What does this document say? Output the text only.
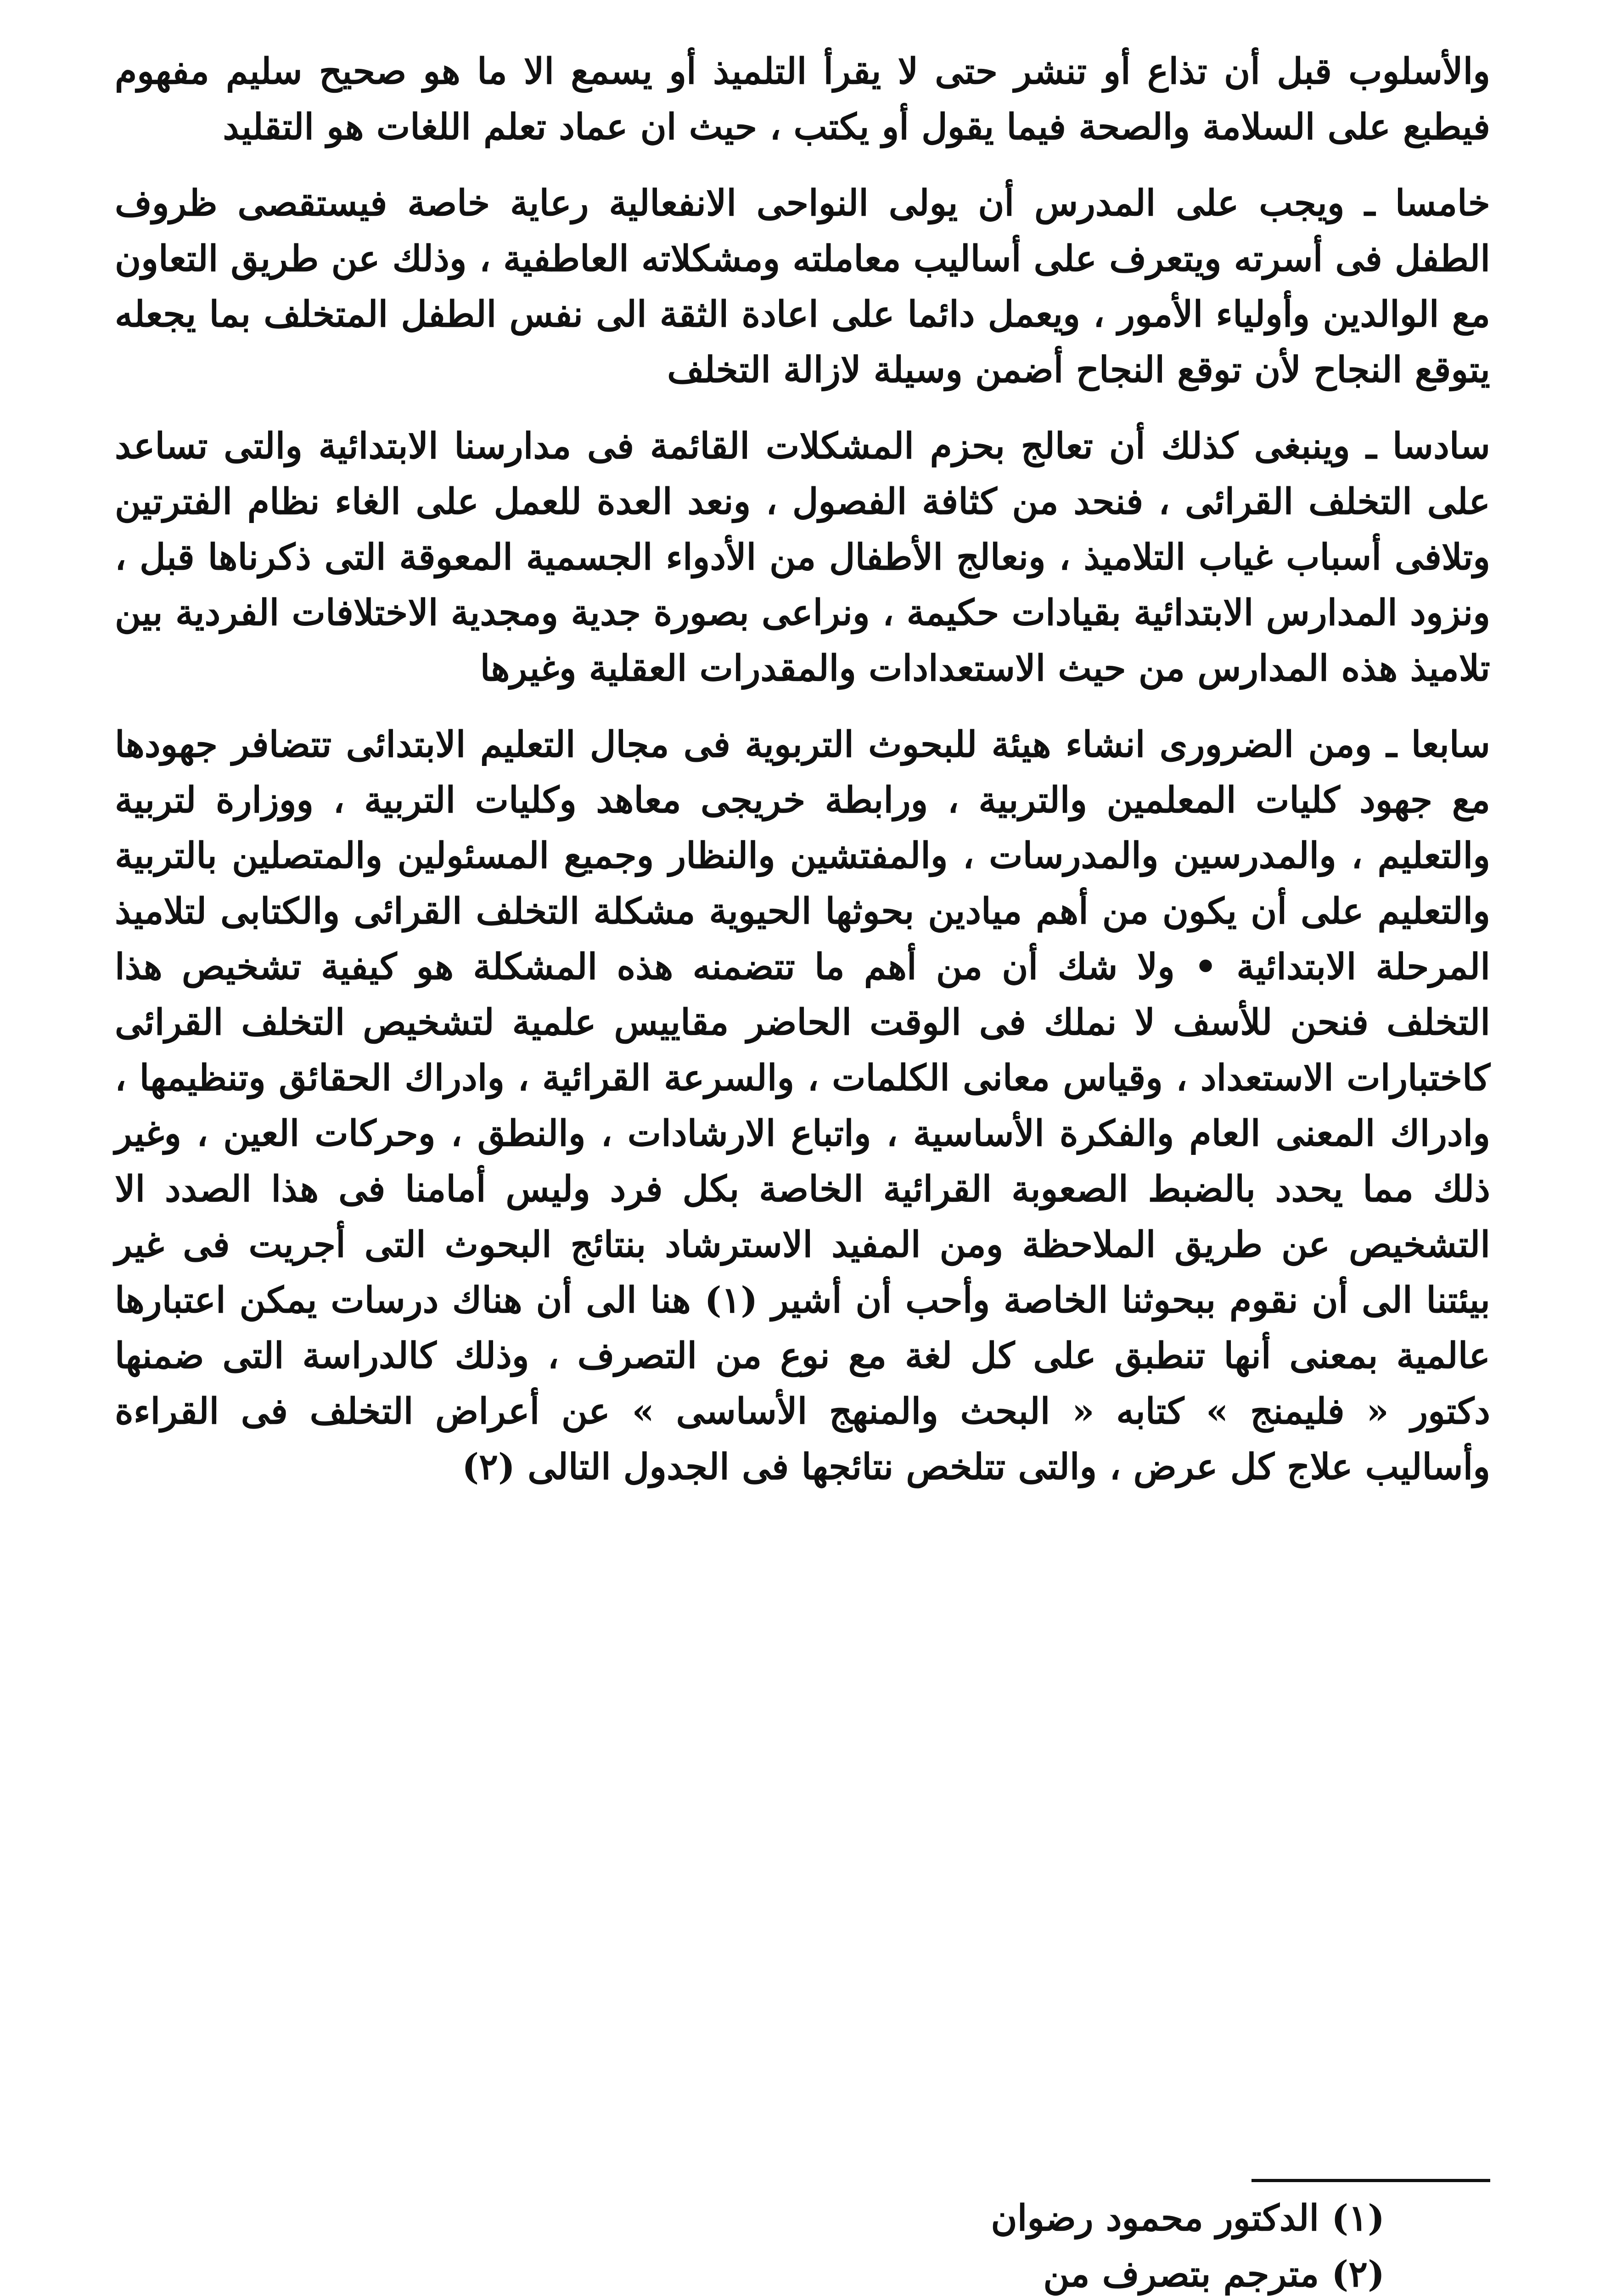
والأسلوب قبل أن تذاع أو تنشر حتى لا يقرأ التلميذ أو يسمع الا ما هو صحيح سليم مفهوم فيطبع على السلامة والصحة فيما يقول أو يكتب ، حيث ان عماد تعلم اللغات هو التقليد

خامسا ـ ويجب على المدرس أن يولى النواحى الانفعالية رعاية خاصة فيستقصى ظروف الطفل فى أسرته ويتعرف على أساليب معاملته ومشكلاته العاطفية ، وذلك عن طريق التعاون مع الوالدين وأولياء الأمور ، ويعمل دائما على اعادة الثقة الى نفس الطفل المتخلف بما يجعله يتوقع النجاح لأن توقع النجاح أضمن وسيلة لازالة التخلف

سادسا ـ وينبغى كذلك أن تعالج بحزم المشكلات القائمة فى مدارسنا الابتدائية والتى تساعد على التخلف القرائى ، فنحد من كثافة الفصول ، ونعد العدة للعمل على الغاء نظام الفترتين وتلافى أسباب غياب التلاميذ ، ونعالج الأطفال من الأدواء الجسمية المعوقة التى ذكرناها قبل ، ونزود المدارس الابتدائية بقيادات حكيمة ، ونراعى بصورة جدية ومجدية الاختلافات الفردية بين تلاميذ هذه المدارس من حيث الاستعدادات والمقدرات العقلية وغيرها

سابعا ـ ومن الضرورى انشاء هيئة للبحوث التربوية فى مجال التعليم الابتدائى تتضافر جهودها مع جهود كليات المعلمين والتربية ، ورابطة خريجى معاهد وكليات التربية ، ووزارة لتربية والتعليم ، والمدرسين والمدرسات ، والمفتشين والنظار وجميع المسئولين والمتصلين بالتربية والتعليم على أن يكون من أهم ميادين بحوثها الحيوية مشكلة التخلف القرائى والكتابى لتلاميذ المرحلة الابتدائية • ولا شك أن من أهم ما تتضمنه هذه المشكلة هو كيفية تشخيص هذا التخلف فنحن للأسف لا نملك فى الوقت الحاضر مقاييس علمية لتشخيص التخلف القرائى كاختبارات الاستعداد ، وقياس معانى الكلمات ، والسرعة القرائية ، وادراك الحقائق وتنظيمها ، وادراك المعنى العام والفكرة الأساسية ، واتباع الارشادات ، والنطق ، وحركات العين ، وغير ذلك مما يحدد بالضبط الصعوبة القرائية الخاصة بكل فرد وليس أمامنا فى هذا الصدد الا التشخيص عن طريق الملاحظة ومن المفيد الاسترشاد بنتائج البحوث التى أجريت فى غير بيئتنا الى أن نقوم ببحوثنا الخاصة وأحب أن أشير (١) هنا الى أن هناك درسات يمكن اعتبارها عالمية بمعنى أنها تنطبق على كل لغة مع نوع من التصرف ، وذلك كالدراسة التى ضمنها دكتور « فليمنج » كتابه « البحث والمنهج الأساسى » عن أعراض التخلف فى القراءة وأساليب علاج كل عرض ، والتى تتلخص نتائجها فى الجدول التالى (٢)

(١) الدكتور محمود رضوان
(٢) مترجم بتصرف من
